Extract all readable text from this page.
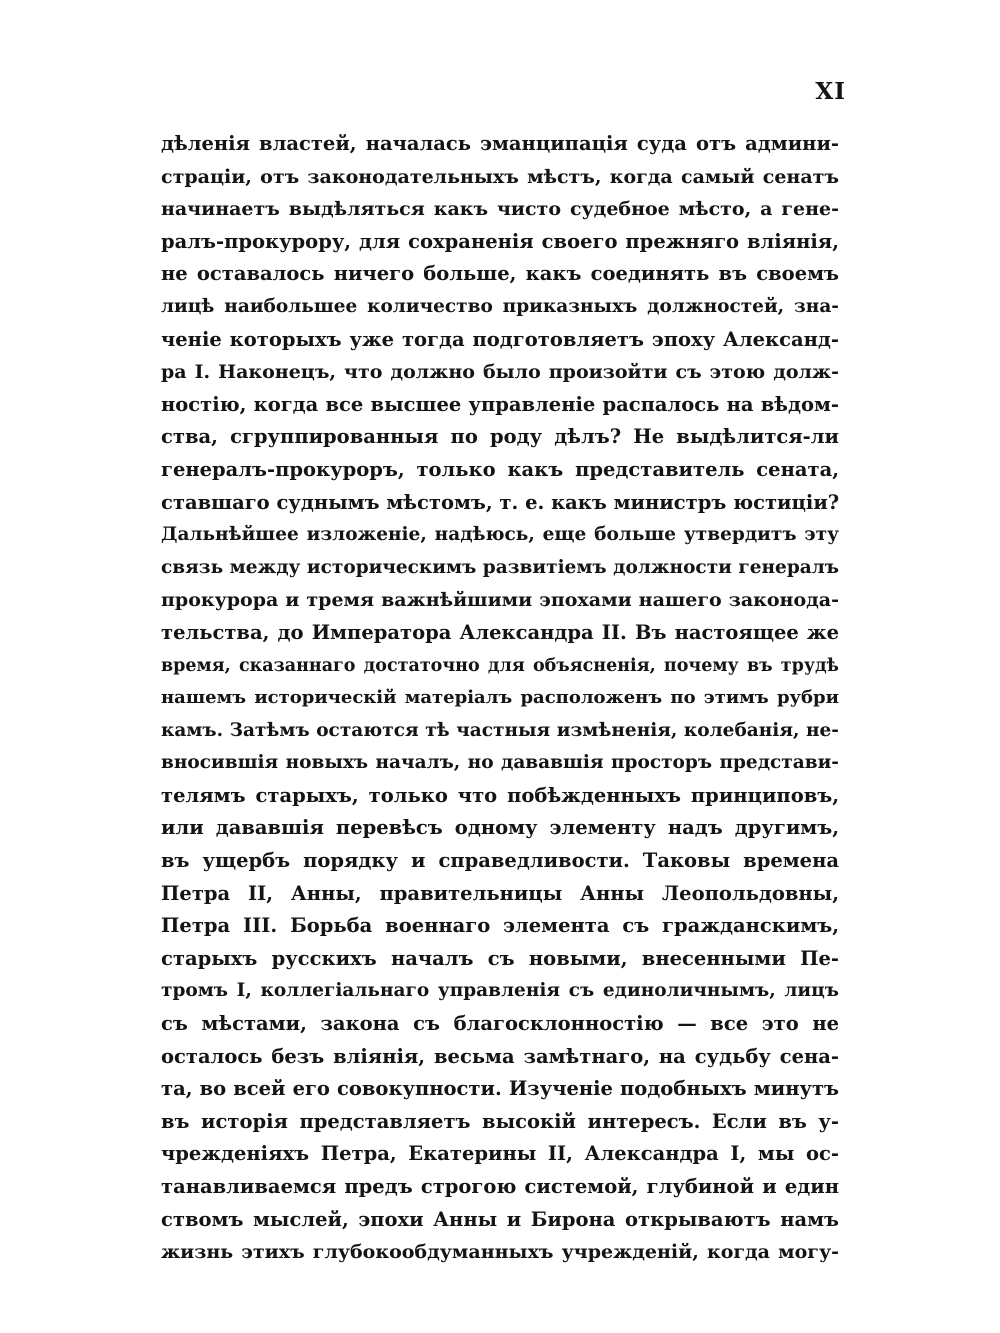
XI
дѣленія властей, началась эманципація суда отъ админи-
страціи, отъ законодательныхъ мѣстъ, когда самый сенатъ
начинаетъ выдѣляться какъ чисто судебное мѣсто, а гене-
ралъ-прокурору, для сохраненія своего прежняго вліянія,
не оставалось ничего больше, какъ соединять въ своемъ
лицѣ наибольшее количество приказныхъ должностей, зна-
ченіе которыхъ уже тогда подготовляетъ эпоху Александ-
ра I. Наконецъ, что должно было произойти съ этою долж-
ностію, когда все высшее управленіе распалось на вѣдом-
ства, сгруппированныя по роду дѣлъ? Не выдѣлится-ли
генералъ-прокуроръ, только какъ представитель сената,
ставшаго суднымъ мѣстомъ, т. е. какъ министръ юстиціи?
Дальнѣйшее изложеніе, надѣюсь, еще больше утвердитъ эту
связь между историческимъ развитіемъ должности генералъ
прокурора и тремя важнѣйшими эпохами нашего законода-
тельства, до Императора Александра II. Въ настоящее же
время, сказаннаго достаточно для объясненія, почему въ трудѣ
нашемъ историческій матеріалъ расположенъ по этимъ рубри
камъ. Затѣмъ остаются тѣ частныя измѣненія, колебанія, не-
вносившія новыхъ началъ, но дававшія просторъ представи-
телямъ старыхъ, только что побѣжденныхъ принциповъ,
или дававшія перевѣсъ одному элементу надъ другимъ,
въ ущербъ порядку и справедливости. Таковы времена
Петра II, Анны, правительницы Анны Леопольдовны,
Петра III. Борьба военнаго элемента съ гражданскимъ,
старыхъ русскихъ началъ съ новыми, внесенными Пе-
тромъ I, коллегіальнаго управленія съ единоличнымъ, лицъ
съ мѣстами, закона съ благосклонностію — все это не
осталось безъ вліянія, весьма замѣтнаго, на судьбу сена-
та, во всей его совокупности. Изученіе подобныхъ минутъ
въ исторія представляетъ высокій интересъ. Если въ у-
чрежденіяхъ Петра, Екатерины II, Александра I, мы ос-
танавливаемся предъ строгою системой, глубиной и един
ствомъ мыслей, эпохи Анны и Бирона открываютъ намъ
жизнь этихъ глубокообдуманныхъ учрежденій, когда могу-
